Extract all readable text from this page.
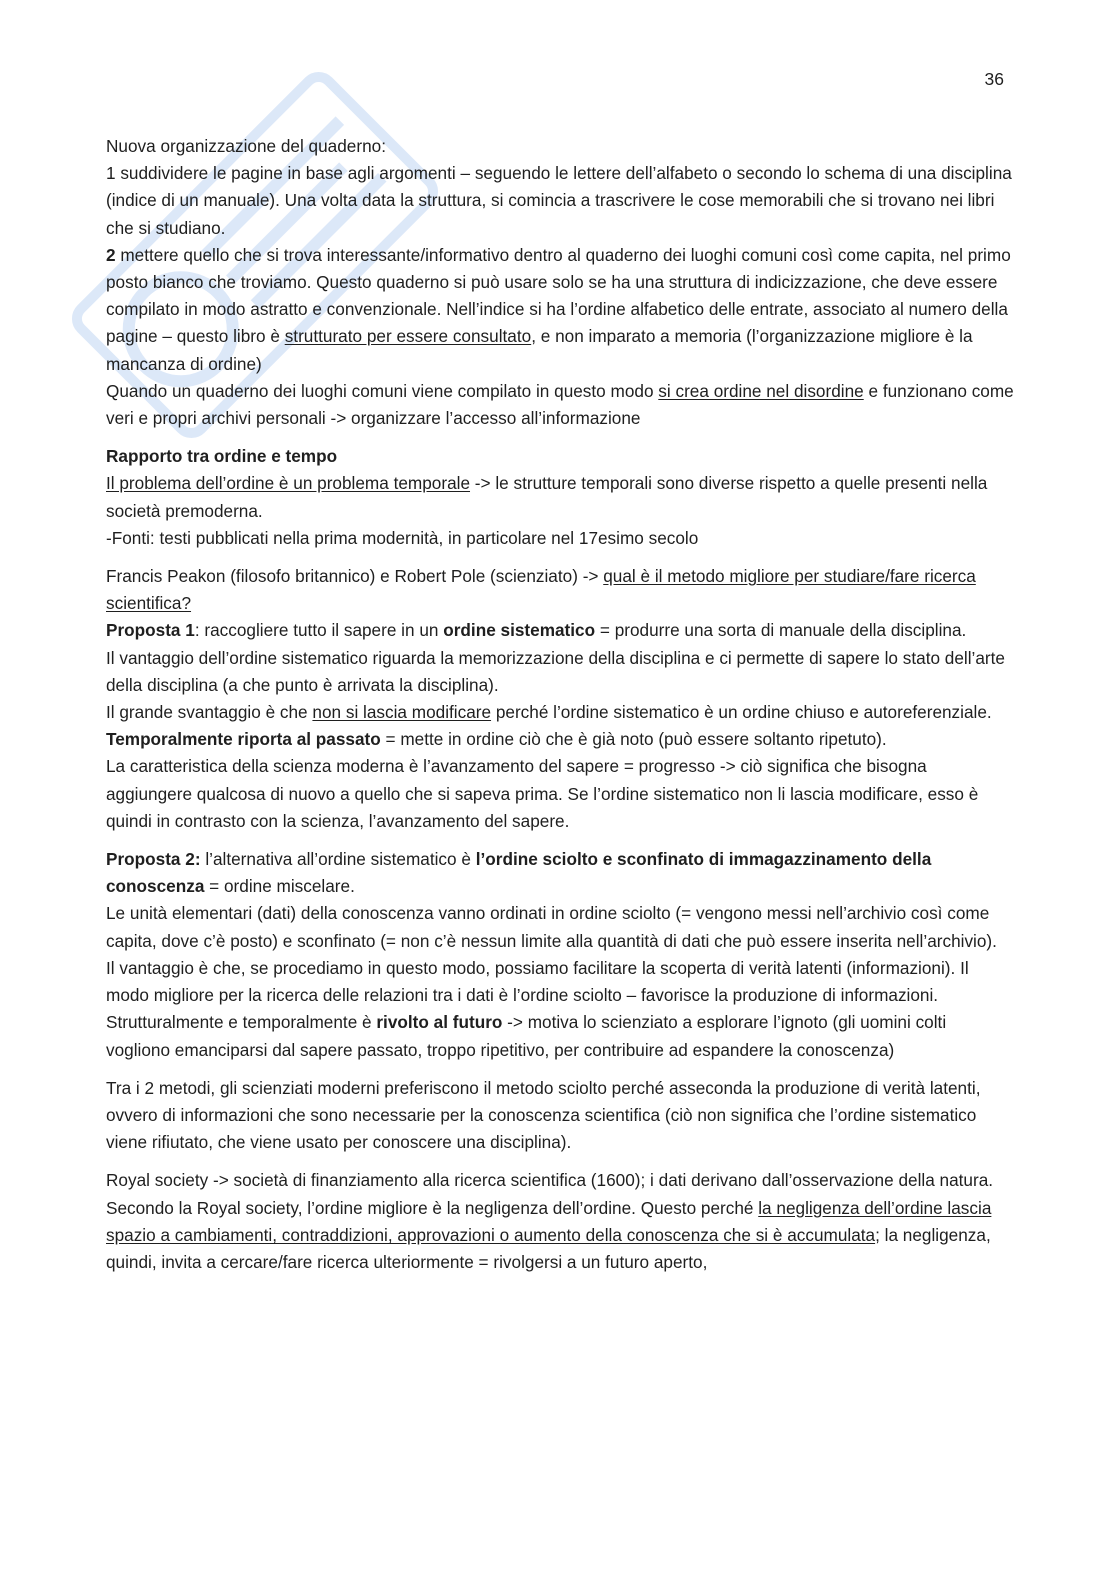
36

Nuova organizzazione del quaderno:

1 suddividere le pagine in base agli argomenti – seguendo le lettere dell’alfabeto o secondo lo schema di una disciplina (indice di un manuale). Una volta data la struttura, si comincia a trascrivere le cose memorabili che si trovano nei libri che si studiano.

2 mettere quello che si trova interessante/informativo dentro al quaderno dei luoghi comuni così come capita, nel primo posto bianco che troviamo. Questo quaderno si può usare solo se ha una struttura di indicizzazione, che deve essere compilato in modo astratto e convenzionale. Nell’indice si ha l’ordine alfabetico delle entrate, associato al numero della pagine – questo libro è strutturato per essere consultato, e non imparato a memoria (l’organizzazione migliore è la mancanza di ordine)

Quando un quaderno dei luoghi comuni viene compilato in questo modo si crea ordine nel disordine e funzionano come veri e propri archivi personali -> organizzare l’accesso all’informazione

Rapporto tra ordine e tempo

Il problema dell’ordine è un problema temporale -> le strutture temporali sono diverse rispetto a quelle presenti nella società premoderna.

-Fonti: testi pubblicati nella prima modernità, in particolare nel 17esimo secolo

Francis Peakon (filosofo britannico) e Robert Pole (scienziato) -> qual è il metodo migliore per studiare/fare ricerca scientifica?

Proposta 1: raccogliere tutto il sapere in un ordine sistematico = produrre una sorta di manuale della disciplina.

Il vantaggio dell’ordine sistematico riguarda la memorizzazione della disciplina e ci permette di sapere lo stato dell’arte della disciplina (a che punto è arrivata la disciplina).

Il grande svantaggio è che non si lascia modificare perché l’ordine sistematico è un ordine chiuso e autoreferenziale. Temporalmente riporta al passato = mette in ordine ciò che è già noto (può essere soltanto ripetuto).

La caratteristica della scienza moderna è l’avanzamento del sapere = progresso -> ciò significa che bisogna aggiungere qualcosa di nuovo a quello che si sapeva prima. Se l’ordine sistematico non li lascia modificare, esso è quindi in contrasto con la scienza, l’avanzamento del sapere.

Proposta 2: l’alternativa all’ordine sistematico è l’ordine sciolto e sconfinato di immagazzinamento della conoscenza = ordine miscelare.

Le unità elementari (dati) della conoscenza vanno ordinati in ordine sciolto (= vengono messi nell’archivio così come capita, dove c’è posto) e sconfinato (= non c’è nessun limite alla quantità di dati che può essere inserita nell’archivio).

Il vantaggio è che, se procediamo in questo modo, possiamo facilitare la scoperta di verità latenti (informazioni). Il modo migliore per la ricerca delle relazioni tra i dati è l’ordine sciolto – favorisce la produzione di informazioni.

Strutturalmente e temporalmente è rivolto al futuro -> motiva lo scienziato a esplorare l’ignoto (gli uomini colti vogliono emanciparsi dal sapere passato, troppo ripetitivo, per contribuire ad espandere la conoscenza)

Tra i 2 metodi, gli scienziati moderni preferiscono il metodo sciolto perché asseconda la produzione di verità latenti, ovvero di informazioni che sono necessarie per la conoscenza scientifica (ciò non significa che l’ordine sistematico viene rifiutato, che viene usato per conoscere una disciplina).

Royal society -> società di finanziamento alla ricerca scientifica (1600); i dati derivano dall’osservazione della natura.

Secondo la Royal society, l’ordine migliore è la negligenza dell’ordine. Questo perché la negligenza dell’ordine lascia spazio a cambiamenti, contraddizioni, approvazioni o aumento della conoscenza che si è accumulata; la negligenza, quindi, invita a cercare/fare ricerca ulteriormente = rivolgersi a un futuro aperto,
